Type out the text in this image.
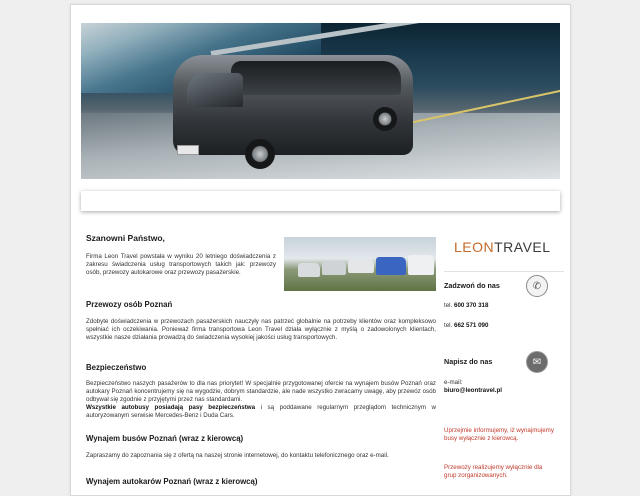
Szanowni Państwo,
Firma Leon Travel powstała w wyniku 20 letniego doświadczenia z zakresu świadczenia usług transportowych takich jak: przewozy osób, przewozy autokarowe oraz przewozy pasażerskie.
Przewozy osób Poznań
Zdobyte doświadczenia w przewozach pasażerskich nauczyły nas patrzeć globalnie na potrzeby klientów oraz kompleksowo spełniać ich oczekiwania. Ponieważ firma transportowa Leon Travel działa wyłącznie z myślą o zadowolonych klientach, wszystkie nasze działania prowadzą do świadczenia wysokiej jakości usług transportowych.
Bezpieczeństwo
Bezpieczeństwo naszych pasażerów to dla nas priorytet! W specjalnie przygotowanej ofercie na wynajem busów Poznań oraz autokary Poznań koncentrujemy się na wygodzie, dobrym standardzie, ale nade wszystko zwracamy uwagę, aby przewóz osób odbywał się zgodnie z przyjętymi przez nas standardami.
Wszystkie autobusy posiadają pasy bezpieczeństwa i są poddawane regularnym przeglądom technicznym w autoryzowanym serwisie Mercedes-Benz i Duda Cars.
Wynajem busów Poznań (wraz z kierowcą)
Zapraszamy do zapoznania się z ofertą na naszej stronie internetowej, do kontaktu telefonicznego oraz e-mail.
Wynajem autokarów Poznań (wraz z kierowcą)
LEONTRAVEL
Zadzwoń do nas	✆
tel. 600 370 318
tel. 662 571 090
Napisz do nas	✉
e-mail:
biuro@leontravel.pl
Uprzejmie informujemy, iż wynajmujemy busy wyłącznie z kierowcą.
Przewozy realizujemy wyłącznie dla grup zorganizowanych.
